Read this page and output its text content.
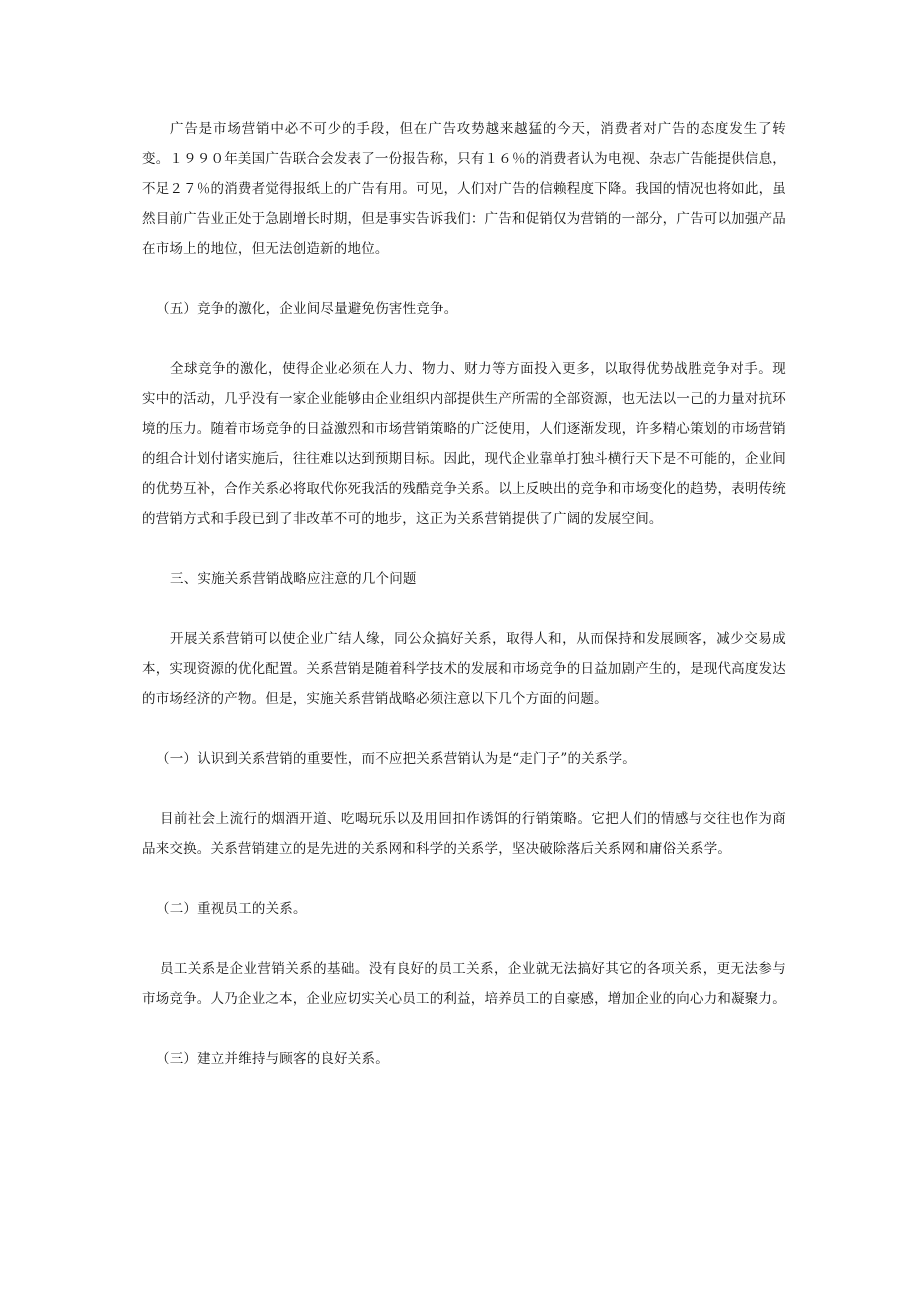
广告是市场营销中必不可少的手段，但在广告攻势越来越猛的今天，消费者对广告的态度发生了转变。１９９０年美国广告联合会发表了一份报告称，只有１６％的消费者认为电视、杂志广告能提供信息，不足２７％的消费者觉得报纸上的广告有用。可见，人们对广告的信赖程度下降。我国的情况也将如此，虽然目前广告业正处于急剧增长时期，但是事实告诉我们：广告和促销仅为营销的一部分，广告可以加强产品在市场上的地位，但无法创造新的地位。

（五）竞争的激化，企业间尽量避免伤害性竞争。

全球竞争的激化，使得企业必须在人力、物力、财力等方面投入更多，以取得优势战胜竞争对手。现实中的活动，几乎没有一家企业能够由企业组织内部提供生产所需的全部资源，也无法以一己的力量对抗环境的压力。随着市场竞争的日益激烈和市场营销策略的广泛使用，人们逐渐发现，许多精心策划的市场营销的组合计划付诸实施后，往往难以达到预期目标。因此，现代企业靠单打独斗横行天下是不可能的，企业间的优势互补，合作关系必将取代你死我活的残酷竞争关系。以上反映出的竞争和市场变化的趋势，表明传统的营销方式和手段已到了非改革不可的地步，这正为关系营销提供了广阔的发展空间。

三、实施关系营销战略应注意的几个问题

开展关系营销可以使企业广结人缘，同公众搞好关系，取得人和，从而保持和发展顾客，减少交易成本，实现资源的优化配置。关系营销是随着科学技术的发展和市场竞争的日益加剧产生的，是现代高度发达的市场经济的产物。但是，实施关系营销战略必须注意以下几个方面的问题。

（一）认识到关系营销的重要性，而不应把关系营销认为是“走门子”的关系学。

目前社会上流行的烟酒开道、吃喝玩乐以及用回扣作诱饵的行销策略。它把人们的情感与交往也作为商品来交换。关系营销建立的是先进的关系网和科学的关系学，坚决破除落后关系网和庸俗关系学。

（二）重视员工的关系。

员工关系是企业营销关系的基础。没有良好的员工关系，企业就无法搞好其它的各项关系，更无法参与市场竞争。人乃企业之本，企业应切实关心员工的利益，培养员工的自豪感，增加企业的向心力和凝聚力。

（三）建立并维持与顾客的良好关系。
